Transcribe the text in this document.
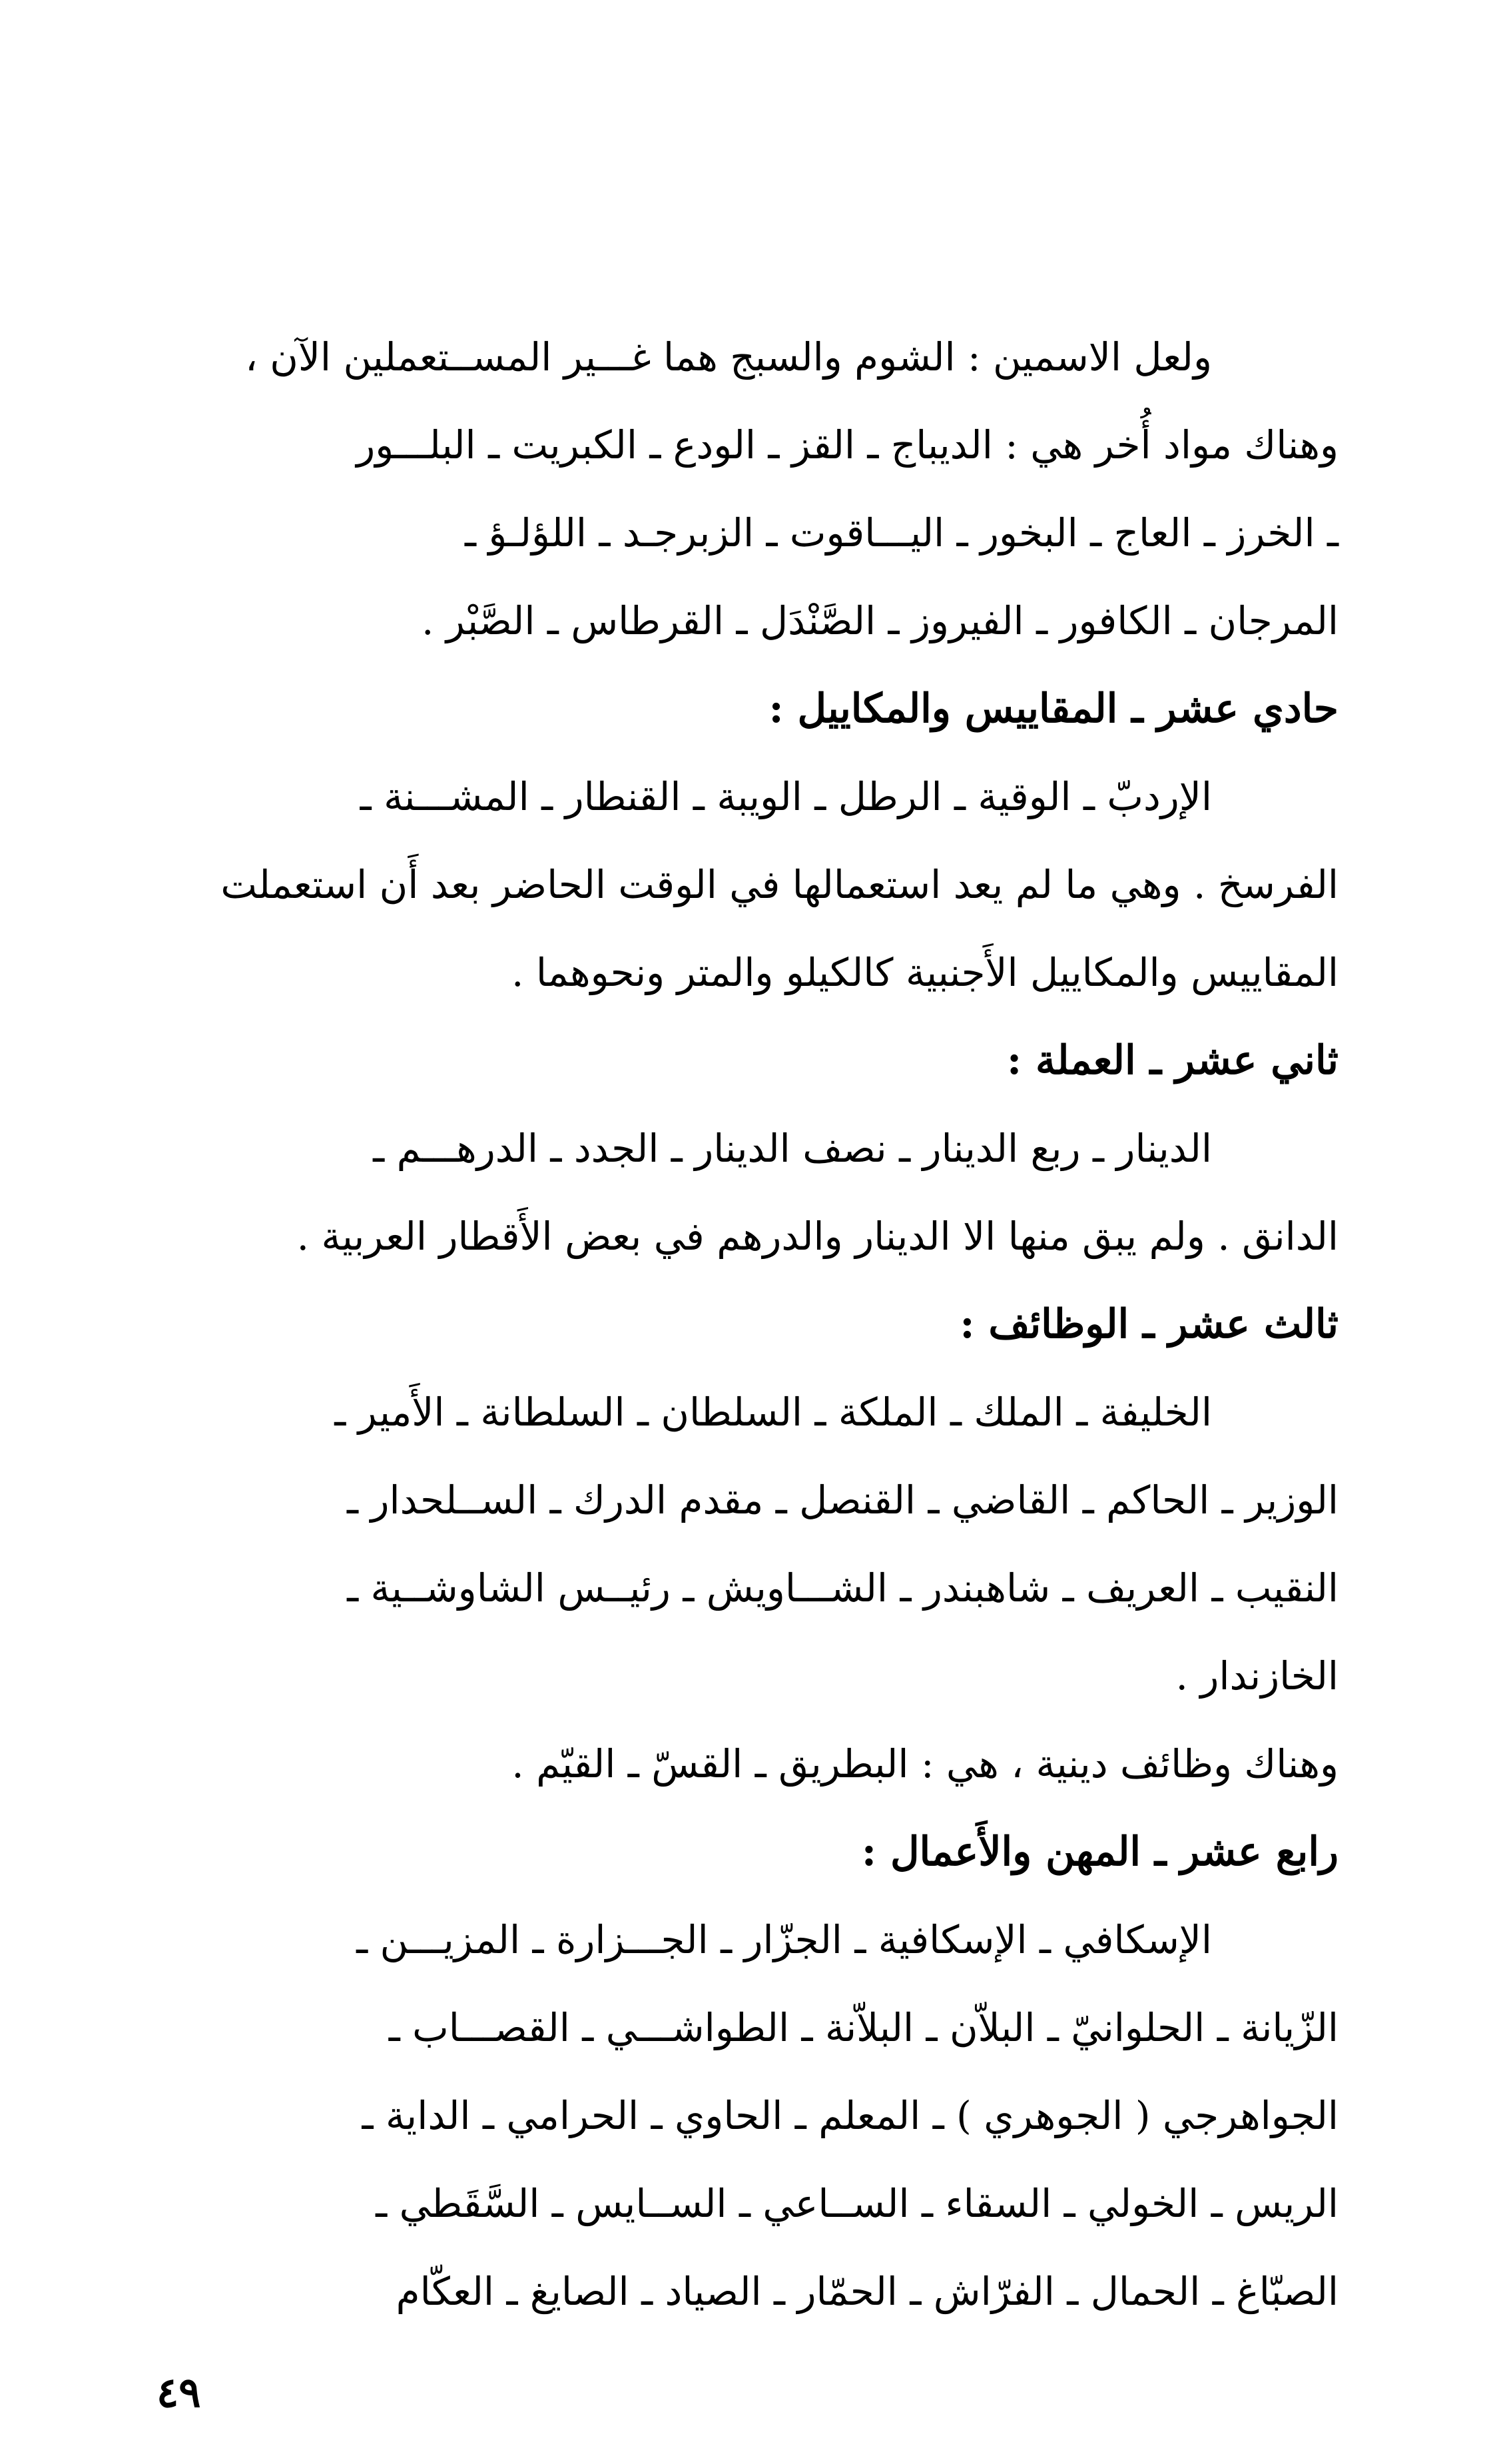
ولعل الاسمين : الشوم والسبج هما غـــير المســتعملين الآن ،
وهناك مواد أُخر هي : الديباج ـ القز ـ الودع ـ الكبريت ـ البلـــور
ـ الخرز ـ العاج ـ البخور ـ اليـــاقوت ـ الزبرجـد ـ اللؤلـؤ ـ
المرجان ـ الكافور ـ الفيروز ـ الصَّنْدَل ـ القرطاس ـ الصَّبْر .
حادي عشر ـ المقاييس والمكاييل :
الإردبّ ـ الوقية ـ الرطل ـ الويبة ـ القنطار ـ المشـــنة ـ
الفرسخ . وهي ما لم يعد استعمالها في الوقت الحاضر بعد أَن استعملت
المقاييس والمكاييل الأَجنبية كالكيلو والمتر ونحوهما .
ثاني عشر ـ العملة :
الدينار ـ ربع الدينار ـ نصف الدينار ـ الجدد ـ الدرهـــم ـ
الدانق . ولم يبق منها الا الدينار والدرهم في بعض الأَقطار العربية .
ثالث عشر ـ الوظائف :
الخليفة ـ الملك ـ الملكة ـ السلطان ـ السلطانة ـ الأَمير ـ
الوزير ـ الحاكم ـ القاضي ـ القنصل ـ مقدم الدرك ـ الســلحدار ـ
النقيب ـ العريف ـ شاهبندر ـ الشـــاويش ـ رئيــس الشاوشــية ـ
الخازندار .
وهناك وظائف دينية ، هي : البطريق ـ القسّ ـ القيّم .
رابع عشر ـ المهن والأَعمال :
الإسكافي ـ الإسكافية ـ الجزّار ـ الجـــزارة ـ المزيـــن ـ
الزّيانة ـ الحلوانيّ ـ البلاّن ـ البلاّنة ـ الطواشـــي ـ القصـــاب ـ
الجواهرجي ( الجوهري ) ـ المعلم ـ الحاوي ـ الحرامي ـ الداية ـ
الريس ـ الخولي ـ السقاء ـ الســاعي ـ الســايس ـ السَّقَطي ـ
الصبّاغ ـ الحمال ـ الفرّاش ـ الحمّار ـ الصياد ـ الصايغ ـ العكّام
٤٩
